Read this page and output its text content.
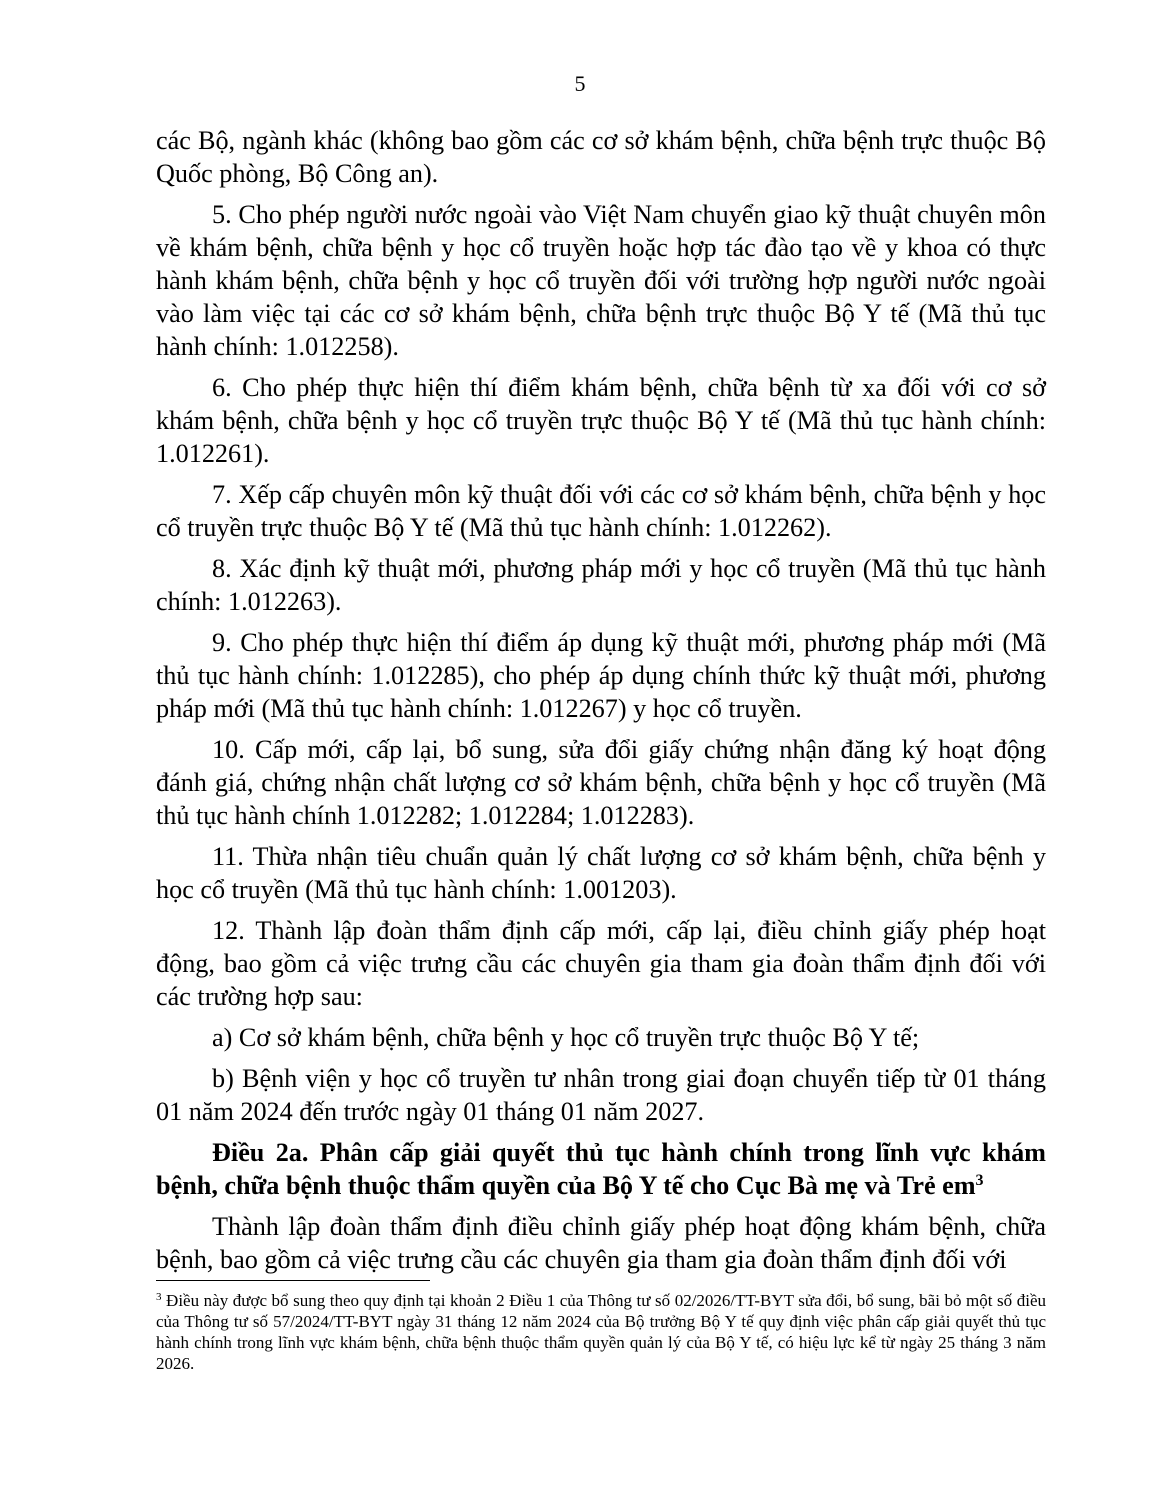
5

các Bộ, ngành khác (không bao gồm các cơ sở khám bệnh, chữa bệnh trực thuộc Bộ Quốc phòng, Bộ Công an).

5. Cho phép người nước ngoài vào Việt Nam chuyển giao kỹ thuật chuyên môn về khám bệnh, chữa bệnh y học cổ truyền hoặc hợp tác đào tạo về y khoa có thực hành khám bệnh, chữa bệnh y học cổ truyền đối với trường hợp người nước ngoài vào làm việc tại các cơ sở khám bệnh, chữa bệnh trực thuộc Bộ Y tế (Mã thủ tục hành chính: 1.012258).

6. Cho phép thực hiện thí điểm khám bệnh, chữa bệnh từ xa đối với cơ sở khám bệnh, chữa bệnh y học cổ truyền trực thuộc Bộ Y tế (Mã thủ tục hành chính: 1.012261).

7. Xếp cấp chuyên môn kỹ thuật đối với các cơ sở khám bệnh, chữa bệnh y học cổ truyền trực thuộc Bộ Y tế (Mã thủ tục hành chính: 1.012262).

8. Xác định kỹ thuật mới, phương pháp mới y học cổ truyền (Mã thủ tục hành chính: 1.012263).

9. Cho phép thực hiện thí điểm áp dụng kỹ thuật mới, phương pháp mới (Mã thủ tục hành chính: 1.012285), cho phép áp dụng chính thức kỹ thuật mới, phương pháp mới (Mã thủ tục hành chính: 1.012267) y học cổ truyền.

10. Cấp mới, cấp lại, bổ sung, sửa đổi giấy chứng nhận đăng ký hoạt động đánh giá, chứng nhận chất lượng cơ sở khám bệnh, chữa bệnh y học cổ truyền (Mã thủ tục hành chính 1.012282; 1.012284; 1.012283).

11. Thừa nhận tiêu chuẩn quản lý chất lượng cơ sở khám bệnh, chữa bệnh y học cổ truyền (Mã thủ tục hành chính: 1.001203).

12. Thành lập đoàn thẩm định cấp mới, cấp lại, điều chỉnh giấy phép hoạt động, bao gồm cả việc trưng cầu các chuyên gia tham gia đoàn thẩm định đối với các trường hợp sau:

a) Cơ sở khám bệnh, chữa bệnh y học cổ truyền trực thuộc Bộ Y tế;

b) Bệnh viện y học cổ truyền tư nhân trong giai đoạn chuyển tiếp từ 01 tháng 01 năm 2024 đến trước ngày 01 tháng 01 năm 2027.

Điều 2a. Phân cấp giải quyết thủ tục hành chính trong lĩnh vực khám bệnh, chữa bệnh thuộc thẩm quyền của Bộ Y tế cho Cục Bà mẹ và Trẻ $em^3$

Thành lập đoàn thẩm định điều chỉnh giấy phép hoạt động khám bệnh, chữa bệnh, bao gồm cả việc trưng cầu các chuyên gia tham gia đoàn thẩm định đối với

$^3$ Điều này được bổ sung theo quy định tại khoản 2 Điều 1 của Thông tư số 02/2026/TT-BYT sửa đổi, bổ sung, bãi bỏ một số điều của Thông tư số 57/2024/TT-BYT ngày 31 tháng 12 năm 2024 của Bộ trưởng Bộ Y tế quy định việc phân cấp giải quyết thủ tục hành chính trong lĩnh vực khám bệnh, chữa bệnh thuộc thẩm quyền quản lý của Bộ Y tế, có hiệu lực kể từ ngày 25 tháng 3 năm 2026.
